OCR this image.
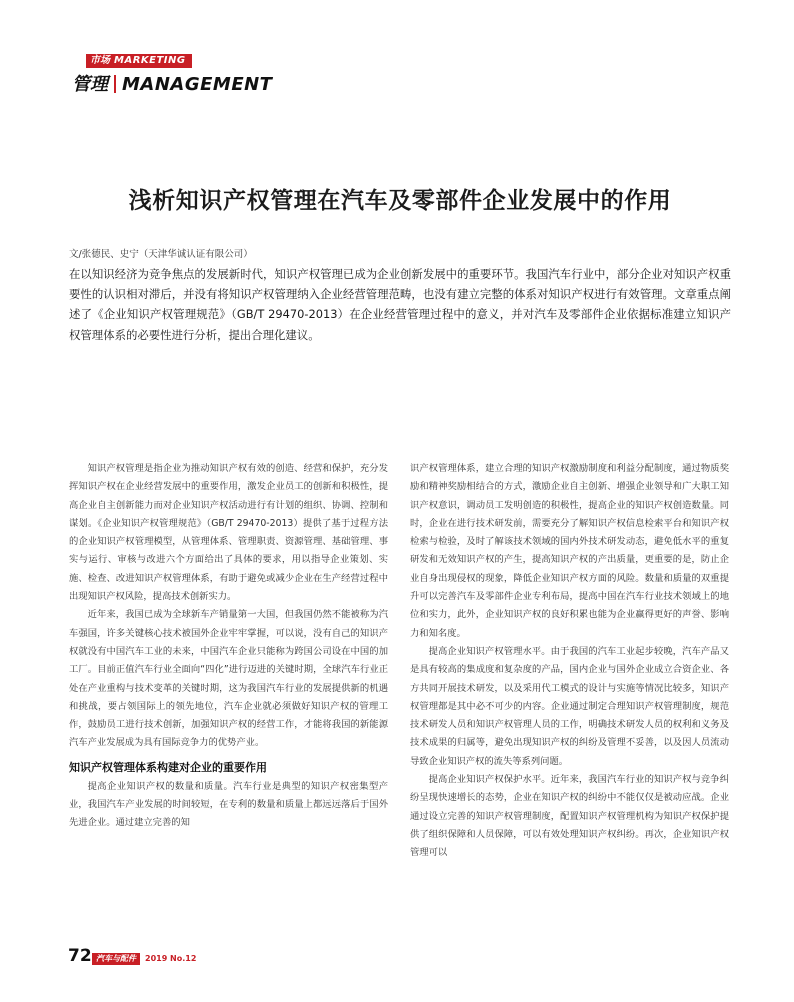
市场 MARKETING
管理 MANAGEMENT
浅析知识产权管理在汽车及零部件企业发展中的作用
文/张德民、史宁（天津华诚认证有限公司）
在以知识经济为竞争焦点的发展新时代，知识产权管理已成为企业创新发展中的重要环节。我国汽车行业中，部分企业对知识产权重要性的认识相对滞后，并没有将知识产权管理纳入企业经营管理范畴，也没有建立完整的体系对知识产权进行有效管理。文章重点阐述了《企业知识产权管理规范》（GB/T 29470-2013）在企业经营管理过程中的意义，并对汽车及零部件企业依据标准建立知识产权管理体系的必要性进行分析，提出合理化建议。

知识产权管理是指企业为推动知识产权有效的创造、经营和保护，充分发挥知识产权在企业经营发展中的重要作用，激发企业员工的创新和积极性，提高企业自主创新能力而对企业知识产权活动进行有计划的组织、协调、控制和谋划。《企业知识产权管理规范》（GB/T 29470-2013）提供了基于过程方法的企业知识产权管理模型，从管理体系、管理职责、资源管理、基础管理、事实与运行、审核与改进六个方面给出了具体的要求，用以指导企业策划、实施、检查、改进知识产权管理体系，有助于避免或减少企业在生产经营过程中出现知识产权风险，提高技术创新实力。

近年来，我国已成为全球新车产销量第一大国，但我国仍然不能被称为汽车强国，许多关键核心技术被国外企业牢牢掌握，可以说，没有自己的知识产权就没有中国汽车工业的未来，中国汽车企业只能称为跨国公司设在中国的加工厂。目前正值汽车行业全面向“四化”进行迈进的关键时期，全球汽车行业正处在产业重构与技术变革的关键时期，这为我国汽车行业的发展提供新的机遇和挑战，要占领国际上的领先地位，汽车企业就必须做好知识产权的管理工作，鼓励员工进行技术创新，加强知识产权的经营工作，才能将我国的新能源汽车产业发展成为具有国际竞争力的优势产业。

知识产权管理体系构建对企业的重要作用

提高企业知识产权的数量和质量。汽车行业是典型的知识产权密集型产业，我国汽车产业发展的时间较短，在专利的数量和质量上都远远落后于国外先进企业。通过建立完善的知

识产权管理体系，建立合理的知识产权激励制度和利益分配制度，通过物质奖励和精神奖励相结合的方式，激励企业自主创新、增强企业领导和广大职工知识产权意识，调动员工发明创造的积极性，提高企业的知识产权创造数量。同时，企业在进行技术研发前，需要充分了解知识产权信息检索平台和知识产权检索与检验，及时了解该技术领域的国内外技术研发动态，避免低水平的重复研发和无效知识产权的产生，提高知识产权的产出质量，更重要的是，防止企业自身出现侵权的现象，降低企业知识产权方面的风险。数量和质量的双重提升可以完善汽车及零部件企业专利布局，提高中国在汽车行业技术领域上的地位和实力，此外，企业知识产权的良好积累也能为企业赢得更好的声誉、影响力和知名度。

提高企业知识产权管理水平。由于我国的汽车工业起步较晚，汽车产品又是具有较高的集成度和复杂度的产品，国内企业与国外企业成立合资企业、各方共同开展技术研发，以及采用代工模式的设计与实施等情况比较多，知识产权管理都是其中必不可少的内容。企业通过制定合理知识产权管理制度，规范技术研发人员和知识产权管理人员的工作，明确技术研发人员的权利和义务及技术成果的归属等，避免出现知识产权的纠纷及管理不妥善，以及因人员流动导致企业知识产权的流失等系列问题。

提高企业知识产权保护水平。近年来，我国汽车行业的知识产权与竞争纠纷呈现快速增长的态势，企业在知识产权的纠纷中不能仅仅是被动应战。企业通过设立完善的知识产权管理制度，配置知识产权管理机构为知识产权保护提供了组织保障和人员保障，可以有效处理知识产权纠纷。再次，企业知识产权管理可以

72 汽车与配件	2019 No.12
